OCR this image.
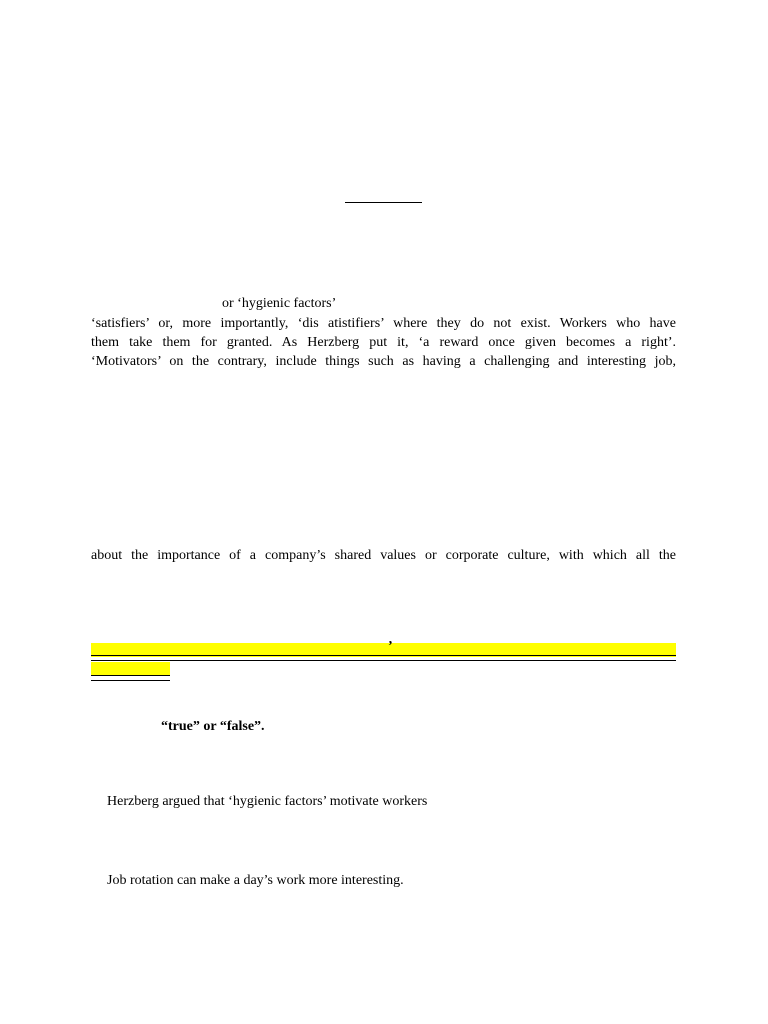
or ‘hygienic factors’
‘satisfiers’ or, more importantly, ‘dis atistifiers’ where they do not exist. Workers who have
them take them for granted. As Herzberg put it, ‘a reward once given becomes a right’.
‘Motivators’ on the contrary, include things such as having a challenging and interesting job,
about the importance of a company’s shared values or corporate culture, with which all the
’
“true” or “false”.
Herzberg argued that ‘hygienic factors’ motivate workers
Job rotation can make a day’s work more interesting.
